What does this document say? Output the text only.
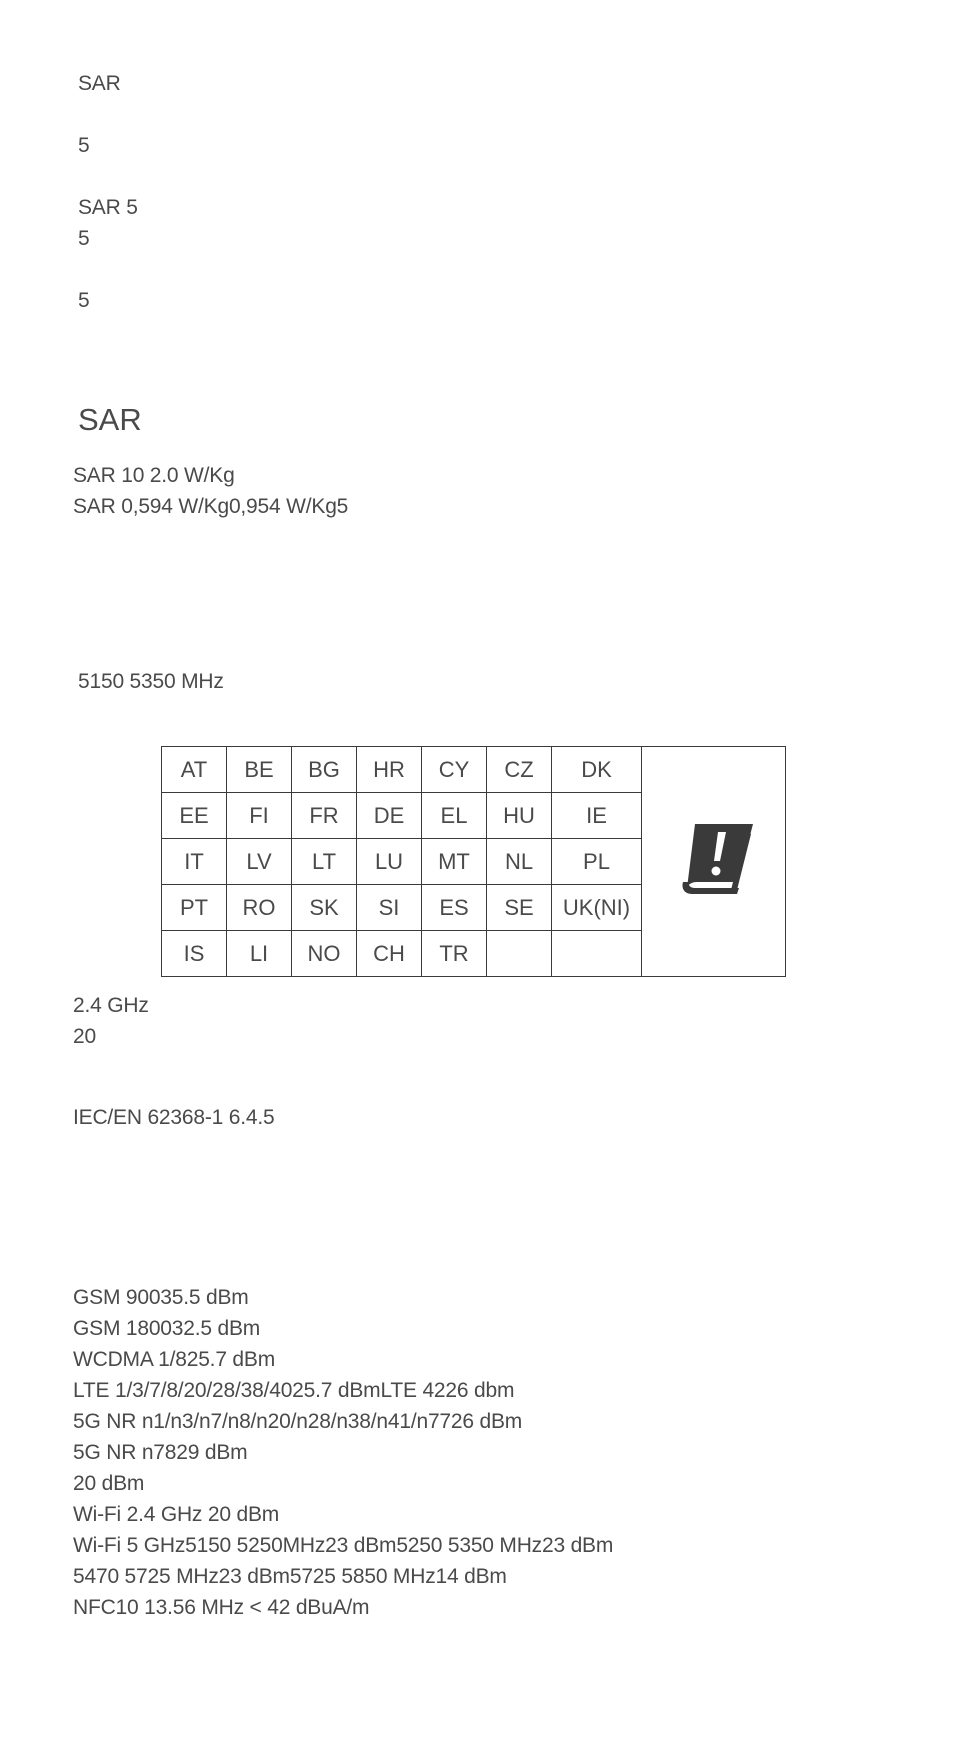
SAR
5
SAR 5
5
5
SAR
SAR 10 2.0 W/Kg
SAR 0,594 W/Kg0,954 W/Kg5
5150 5350 MHz
AT	BE	BG	HR	CY	CZ	DK	
EE	FI	FR	DE	EL	HU	IE	
IT	LV	LT	LU	MT	NL	PL	
PT	RO	SK	SI	ES	SE	UK(NI)	
IS	LI	NO	CH	TR			
2.4 GHz
20
IEC/EN 62368-1 6.4.5
GSM 90035.5 dBm
GSM 180032.5 dBm
WCDMA 1/825.7 dBm
LTE 1/3/7/8/20/28/38/4025.7 dBmLTE 4226 dbm
5G NR n1/n3/n7/n8/n20/n28/n38/n41/n7726 dBm
5G NR n7829 dBm
20 dBm
Wi-Fi 2.4 GHz 20 dBm
Wi-Fi 5 GHz5150 5250MHz23 dBm5250 5350 MHz23 dBm
5470 5725 MHz23 dBm5725 5850 MHz14 dBm
NFC10 13.56 MHz < 42 dBuA/m
